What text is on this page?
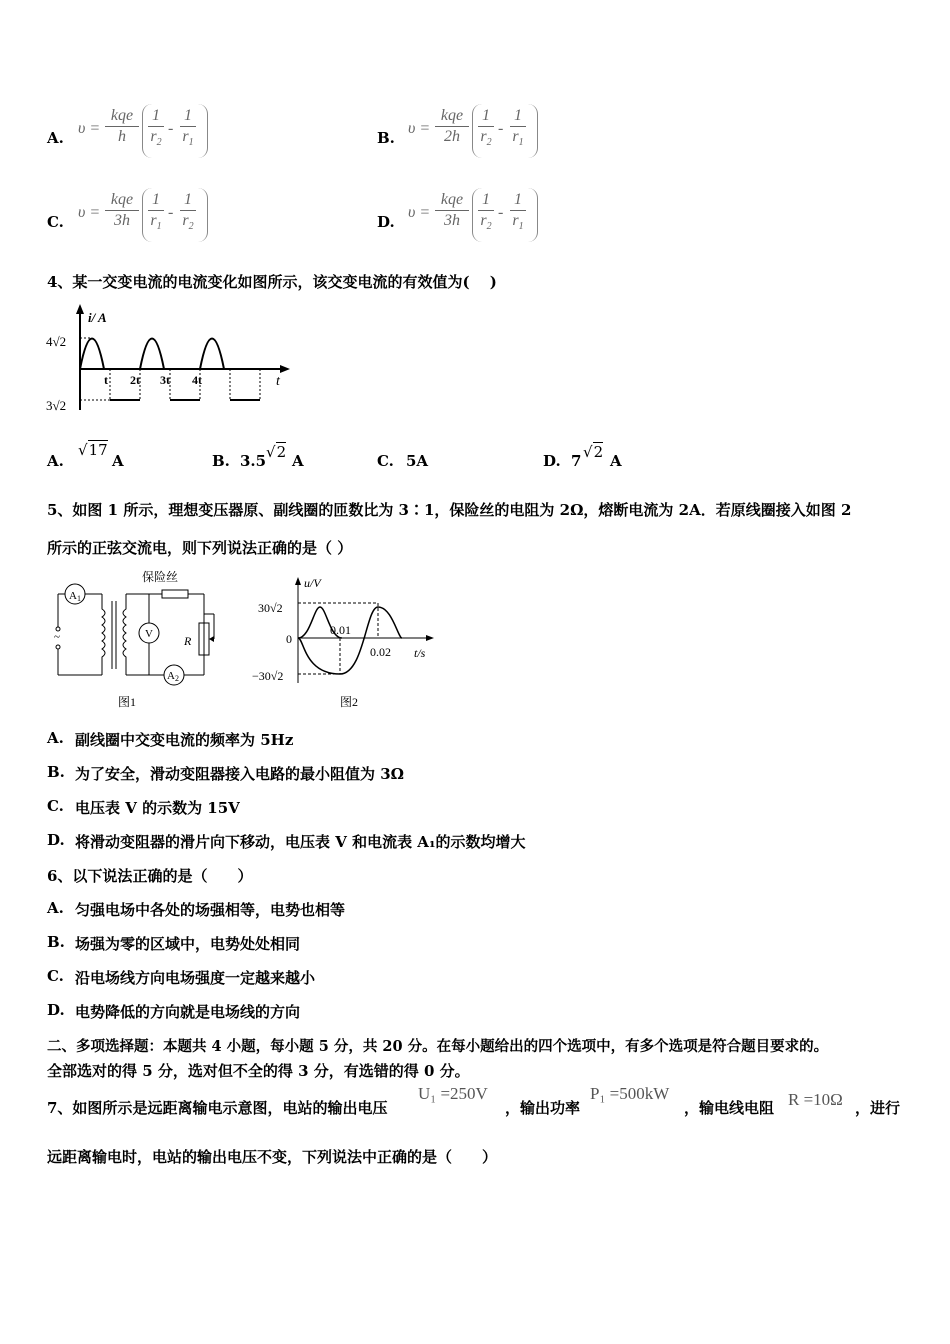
A.
υ =
kqe
h
1
$r_2$
-
1
$r_1$	B.
υ =
kqe
2h
1
$r_2$
-
1
$r_1$
C.
υ =
kqe
3h
1
$r_1$
-
1
$r_2$	D.
υ =
kqe
3h
1
$r_2$
-
1
$r_1$
4、某一交变电流的电流变化如图所示，该交变电流的有效值为(　 )
i/ A
t
4√2
3√2
t 2t 3t 4t
A.
√17
A	B. 3.5 √2 A	C. 5A	D. 7 √2 A
5、如图 1 所示，理想变压器原、副线圈的匝数比为 3∶1，保险丝的电阻为 2Ω，熔断电流为 2A．若原线圈接入如图 2
所示的正弦交流电，则下列说法正确的是（ ）
A1
~
保险丝
V
A2
R
图1
u/V
t/s
30√2
−30√2
0
0.01
0.02
图2
A. 副线圈中交变电流的频率为 5Hz
B. 为了安全，滑动变阻器接入电路的最小阻值为 3Ω
C. 电压表 V 的示数为 15V
D. 将滑动变阻器的滑片向下移动，电压表 V 和电流表 A₁的示数均增大
6、以下说法正确的是（　　）
A. 匀强电场中各处的场强相等，电势也相等
B. 场强为零的区域中，电势处处相同
C. 沿电场线方向电场强度一定越来越小
D. 电势降低的方向就是电场线的方向
二、多项选择题：本题共 4 小题，每小题 5 分，共 20 分。在每小题给出的四个选项中，有多个选项是符合题目要求的。
全部选对的得 5 分，选对但不全的得 3 分，有选错的得 0 分。
7、如图所示是远距离输电示意图，电站的输出电压
U₁ =250V
，输出功率
P₁ =500kW
，输电线电阻 R =10Ω ，进行
远距离输电时，电站的输出电压不变，下列说法中正确的是（　　）
